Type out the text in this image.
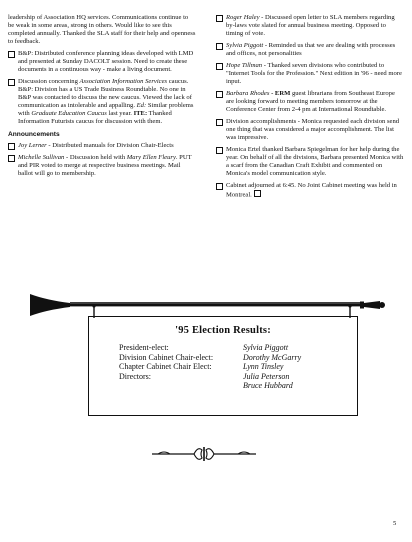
leadership of Association HQ services. Communications continue to be weak in some areas, strong in others. Would like to see this completed annually. Thanked the SLA staff for their help and openness to feedback.

B&P: Distributed conference planning ideas developed with LMD and presented at Sunday DACOLT session. Need to create these documents in a continuous way - make a living document.
Discussion concerning Association Information Services caucus. B&P: Division has a US Trade Business Roundtable. No one in B&P was contacted to discuss the new caucus. Viewed the lack of communication as intolerable and appalling. Ed: Similar problems with Graduate Education Caucus last year. ITE: Thanked Information Futurists caucus for discussion with them.
Announcements
Joy Lerner - Distributed manuals for Division Chair-Elects
Michelle Sullivan - Discussion held with Mary Ellen Fleury. PUT and PIR voted to merge at respective business meetings. Mail ballot will go to membership.
Roger Haley - Discussed open letter to SLA members regarding by-laws vote slated for annual business meeting. Opposed to timing of vote.
Sylvia Piggott - Reminded us that we are dealing with processes and offices, not personalities
Hope Tillman - Thanked seven divisions who contributed to "Internet Tools for the Profession." Next edition in '96 - need more input.
Barbara Rhodes - ERM guest librarians from Southeast Europe are looking forward to meeting members tomorrow at the Conference Center from 2-4 pm at International Roundtable.
Division accomplishments - Monica requested each division send one thing that was considered a major accomplishment. The list was impressive.
Monica Ertel thanked Barbara Spiegelman for her help during the year. On behalf of all the divisions, Barbara presented Monica with a scarf from the Canadian Craft Exhibit and commented on Monica's model communication style.
Cabinet adjourned at 6:45. No Joint Cabinet meeting was held in Montreal.
'95 Election Results:
President-elect:
Division Cabinet Chair-elect:
Chapter Cabinet Chair Elect:
Directors:
Sylvia Piggott
Dorothy McGarry
Lynn Tinsley
Julia Peterson
Bruce Hubbard
5
